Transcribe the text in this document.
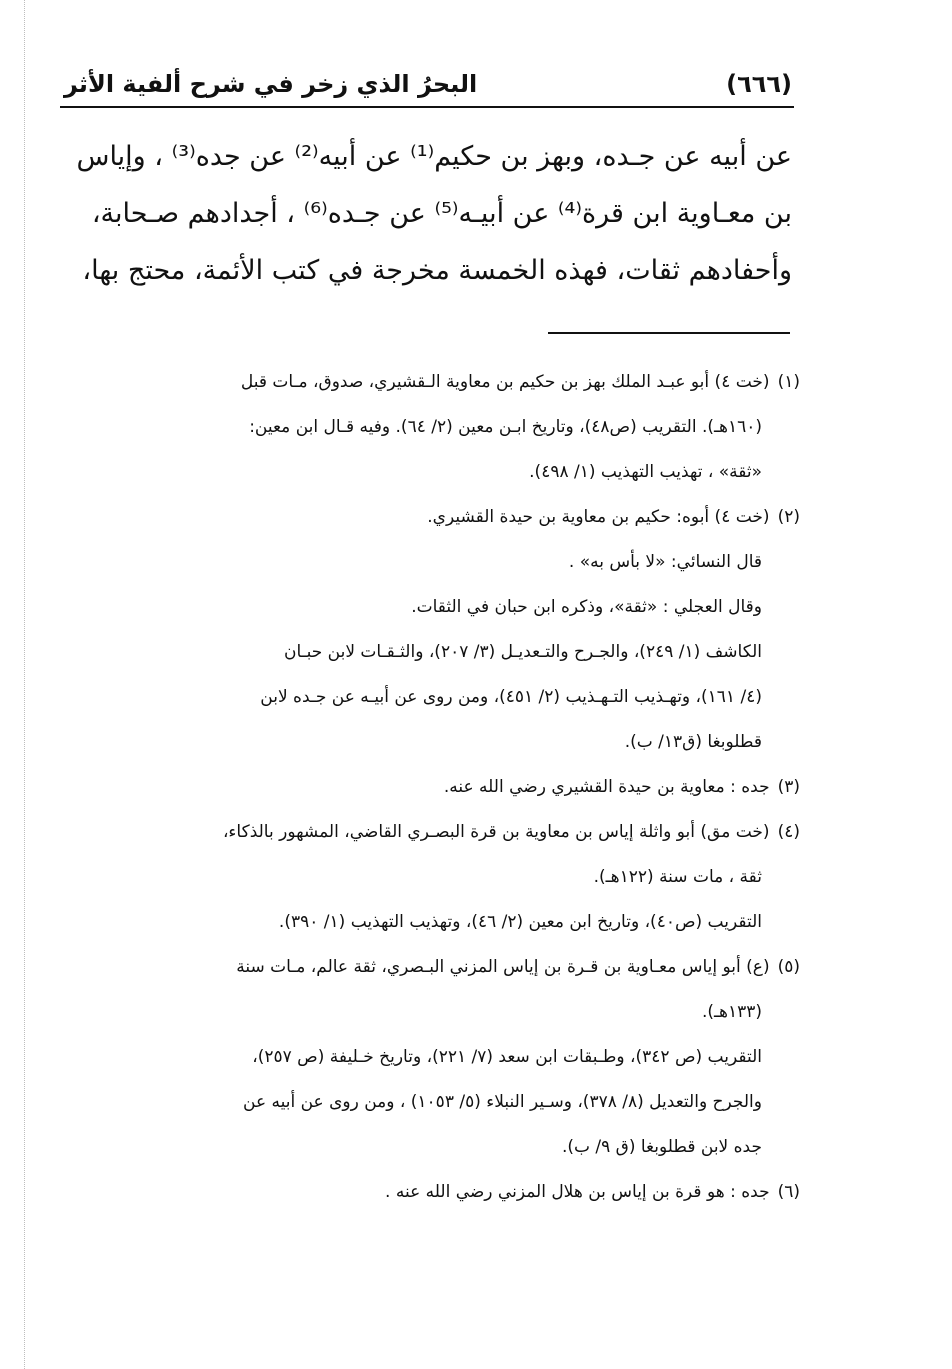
(٦٦٦)
البحرُ الذي زخر في شرح ألفية الأثر
عن أبيه عن جـده، وبهز بن حكيم⁽¹⁾ عن أبيه⁽²⁾ عن جده⁽³⁾ ، وإياس
بن معـاوية ابن قرة⁽⁴⁾ عن أبيـه⁽⁵⁾ عن جـده⁽⁶⁾ ، أجدادهم صـحابة،
وأحفادهم ثقات، فهذه الخمسة مخرجة في كتب الأئمة، محتج بها،
(١)(خت ٤) أبو عبـد الملك بهز بن حكيم بن معاوية الـقشيري، صدوق، مـات قبل
(١٦٠هـ). التقريب (ص٤٨)، وتاريخ ابـن معين (٢/ ٦٤). وفيه قـال ابن معين:
«ثقة» ، تهذيب التهذيب (١/ ٤٩٨).
(٢)(خت ٤) أبوه: حكيم بن معاوية بن حيدة القشيري.
قال النسائي: «لا بأس به» .
وقال العجلي : «ثقة»، وذكره ابن حبان في الثقات.
الكاشف (١/ ٢٤٩)، والجـرح والتـعديـل (٣/ ٢٠٧)، والثـقـات لابن حبـان
(٤/ ١٦١)، وتهـذيب التـهـذيب (٢/ ٤٥١)، ومن روى عن أبيـه عن جـده لابن
قطلوبغا (ق١٣/ ب).
(٣)جده : معاوية بن حيدة القشيري رضي الله عنه.
(٤)(خت مق) أبو واثلة إياس بن معاوية بن قرة البصـري القاضي، المشهور بالذكاء،
ثقة ، مات سنة (١٢٢هـ).
التقريب (ص٤٠)، وتاريخ ابن معين (٢/ ٤٦)، وتهذيب التهذيب (١/ ٣٩٠).
(٥)(ع) أبو إياس معـاوية بن قـرة بن إياس المزني البـصري، ثقة عالم، مـات سنة
(١٣٣هـ).
التقريب (ص ٣٤٢)، وطـبقات ابن سعد (٧/ ٢٢١)، وتاريخ خـليفة (ص ٢٥٧)،
والجرح والتعديل (٨/ ٣٧٨)، وسـير النبلاء (٥/ ١٠٥٣) ، ومن روى عن أبيه عن
جده لابن قطلوبغا (ق ٩/ ب).
(٦)جده : هو قرة بن إياس بن هلال المزني رضي الله عنه .
